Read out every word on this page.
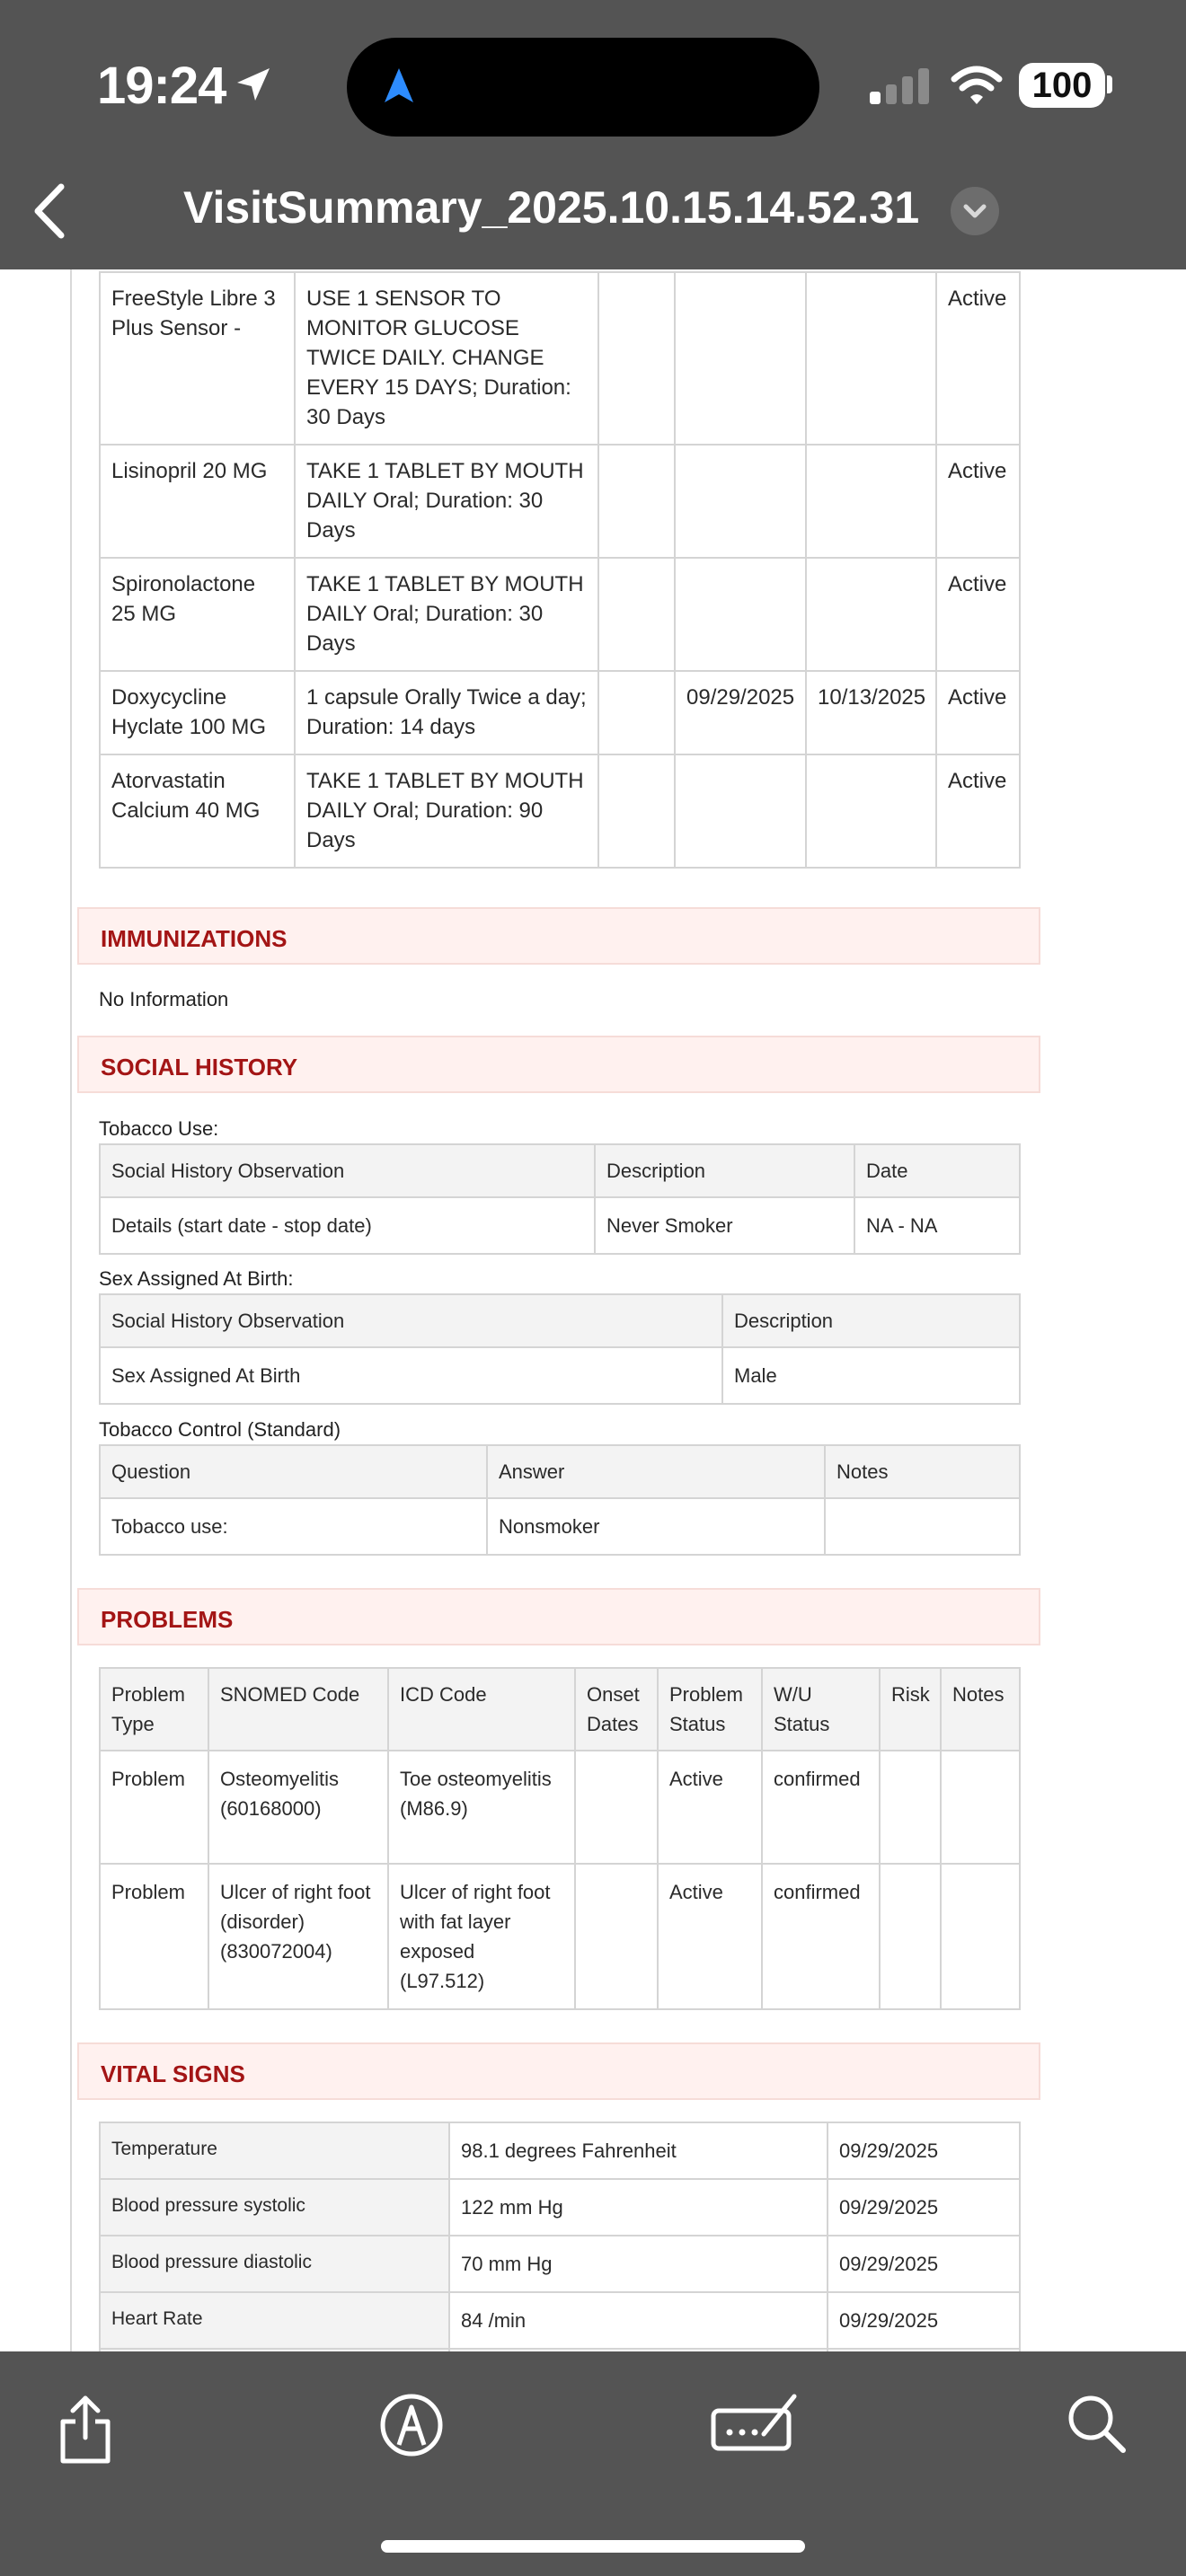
19:24	100
VisitSummary_2025.10.15.14.52.31
FreeStyle Libre 3 Plus Sensor -	USE 1 SENSOR TO MONITOR GLUCOSE TWICE DAILY. CHANGE EVERY 15 DAYS; Duration: 30 Days				Active
Lisinopril 20 MG	TAKE 1 TABLET BY MOUTH DAILY Oral; Duration: 30 Days				Active
Spironolactone 25 MG	TAKE 1 TABLET BY MOUTH DAILY Oral; Duration: 30 Days				Active
Doxycycline Hyclate 100 MG	1 capsule Orally Twice a day; Duration: 14 days		09/29/2025	10/13/2025	Active
Atorvastatin Calcium 40 MG	TAKE 1 TABLET BY MOUTH DAILY Oral; Duration: 90 Days				Active
IMMUNIZATIONS
No Information
SOCIAL HISTORY
Tobacco Use:
Social History Observation	Description	Date
Details (start date - stop date)	Never Smoker	NA - NA
Sex Assigned At Birth:
Social History Observation	Description
Sex Assigned At Birth	Male
Tobacco Control (Standard)
Question	Answer	Notes
Tobacco use:	Nonsmoker	
PROBLEMS
Problem Type	SNOMED Code	ICD Code	Onset Dates	Problem Status	W/U Status	Risk	Notes
Problem	Osteomyelitis (60168000)	Toe osteomyelitis (M86.9)		Active	confirmed		
Problem	Ulcer of right foot (disorder) (830072004)	Ulcer of right foot with fat layer exposed (L97.512)		Active	confirmed		
VITAL SIGNS
Temperature	98.1 degrees Fahrenheit	09/29/2025
Blood pressure systolic	122 mm Hg	09/29/2025
Blood pressure diastolic	70 mm Hg	09/29/2025
Heart Rate	84 /min	09/29/2025
